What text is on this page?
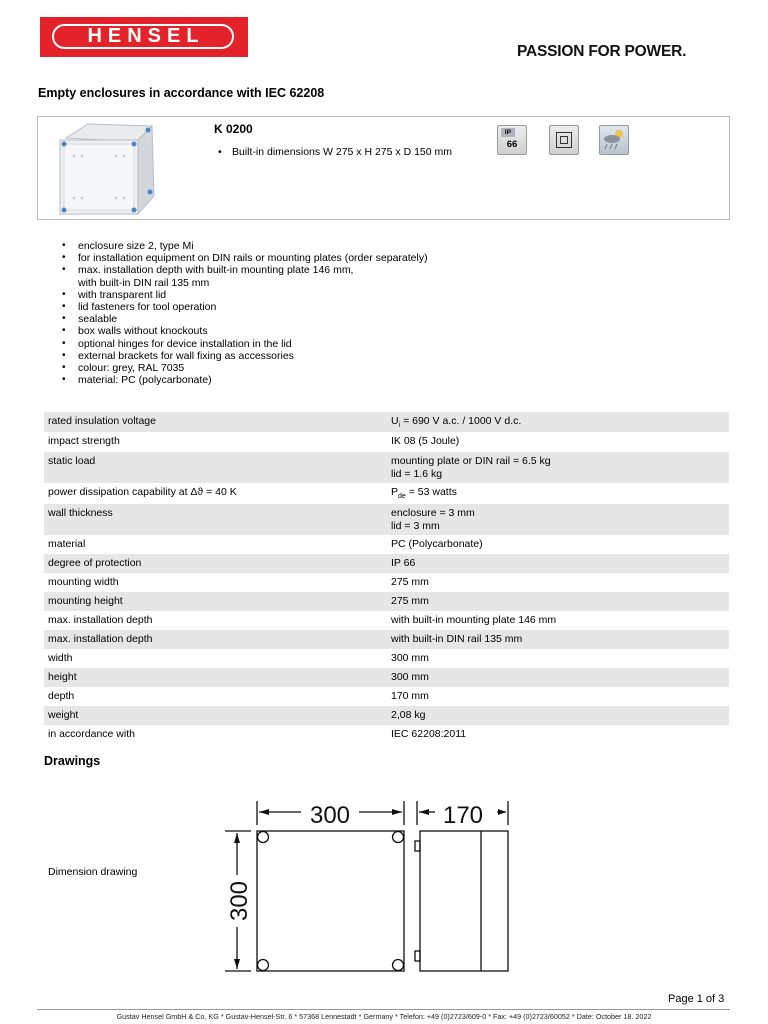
HENSEL
PASSION FOR POWER.
Empty enclosures in accordance with IEC 62208
K 0200
• Built-in dimensions W 275 x H 275 x D 150 mm
IP
66
• enclosure size 2, type Mi
• for installation equipment on DIN rails or mounting plates (order separately)
• max. installation depth with built-in mounting plate 146 mm,
with built-in DIN rail 135 mm
• with transparent lid
• lid fasteners for tool operation
• sealable
• box walls without knockouts
• optional hinges for device installation in the lid
• external brackets for wall fixing as accessories
• colour: grey, RAL 7035
• material: PC (polycarbonate)
rated insulation voltage	$U_i = 690$ V a.c. / 1000 V d.c.
impact strength	IK 08 (5 Joule)
static load	mounting plate or DIN rail = 6.5 kg
lid = 1.6 kg
power dissipation capability at Δϑ = 40 K	$P_{de} = 53$ watts
wall thickness	enclosure = 3 mm
lid = 3 mm
material	PC (Polycarbonate)
degree of protection	IP 66
mounting width	275 mm
mounting height	275 mm
max. installation depth	with built-in mounting plate 146 mm
max. installation depth	with built-in DIN rail 135 mm
width	300 mm
height	300 mm
depth	170 mm
weight	2,08 kg
in accordance with	IEC 62208:2011
Drawings
Dimension drawing
300
300
170
Page 1 of 3
Gustav Hensel GmbH & Co. KG * Gustav-Hensel-Str. 6 * 57368 Lennestadt * Germany * Telefon: +49 (0)2723/609-0 * Fax: +49 (0)2723/60052 * Date: October 18. 2022
